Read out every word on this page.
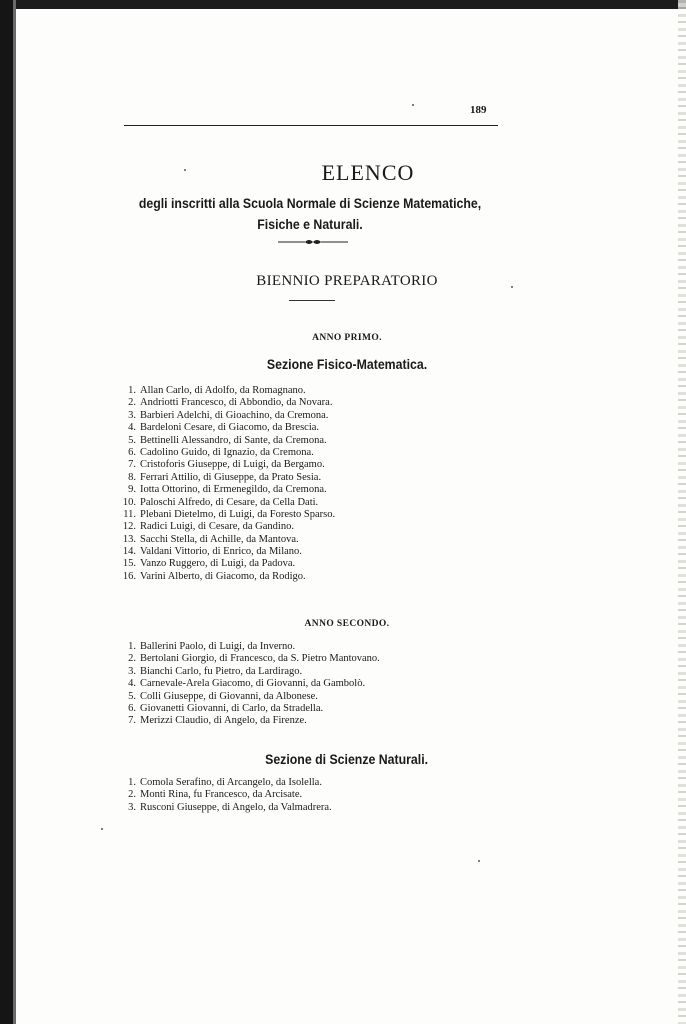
189
ELENCO
degli inscritti alla Scuola Normale di Scienze Matematiche,
Fisiche e Naturali.
BIENNIO PREPARATORIO
ANNO PRIMO.
Sezione Fisico-Matematica.
1. Allan Carlo, di Adolfo, da Romagnano.
2. Andriotti Francesco, di Abbondio, da Novara.
3. Barbieri Adelchi, di Gioachino, da Cremona.
4. Bardeloni Cesare, di Giacomo, da Brescia.
5. Bettinelli Alessandro, di Sante, da Cremona.
6. Cadolino Guido, di Ignazio, da Cremona.
7. Cristoforis Giuseppe, di Luigi, da Bergamo.
8. Ferrari Attilio, di Giuseppe, da Prato Sesia.
9. Iotta Ottorino, di Ermenegildo, da Cremona.
10. Paloschi Alfredo, di Cesare, da Cella Dati.
11. Plebani Dietelmo, di Luigi, da Foresto Sparso.
12. Radici Luigi, di Cesare, da Gandino.
13. Sacchi Stella, di Achille, da Mantova.
14. Valdani Vittorio, di Enrico, da Milano.
15. Vanzo Ruggero, di Luigi, da Padova.
16. Varini Alberto, di Giacomo, da Rodigo.
ANNO SECONDO.
1. Ballerini Paolo, di Luigi, da Inverno.
2. Bertolani Giorgio, di Francesco, da S. Pietro Mantovano.
3. Bianchi Carlo, fu Pietro, da Lardirago.
4. Carnevale-Arela Giacomo, di Giovanni, da Gambolò.
5. Colli Giuseppe, di Giovanni, da Albonese.
6. Giovanetti Giovanni, di Carlo, da Stradella.
7. Merizzi Claudio, di Angelo, da Firenze.
Sezione di Scienze Naturali.
1. Comola Serafino, di Arcangelo, da Isolella.
2. Monti Rina, fu Francesco, da Arcisate.
3. Rusconi Giuseppe, di Angelo, da Valmadrera.
